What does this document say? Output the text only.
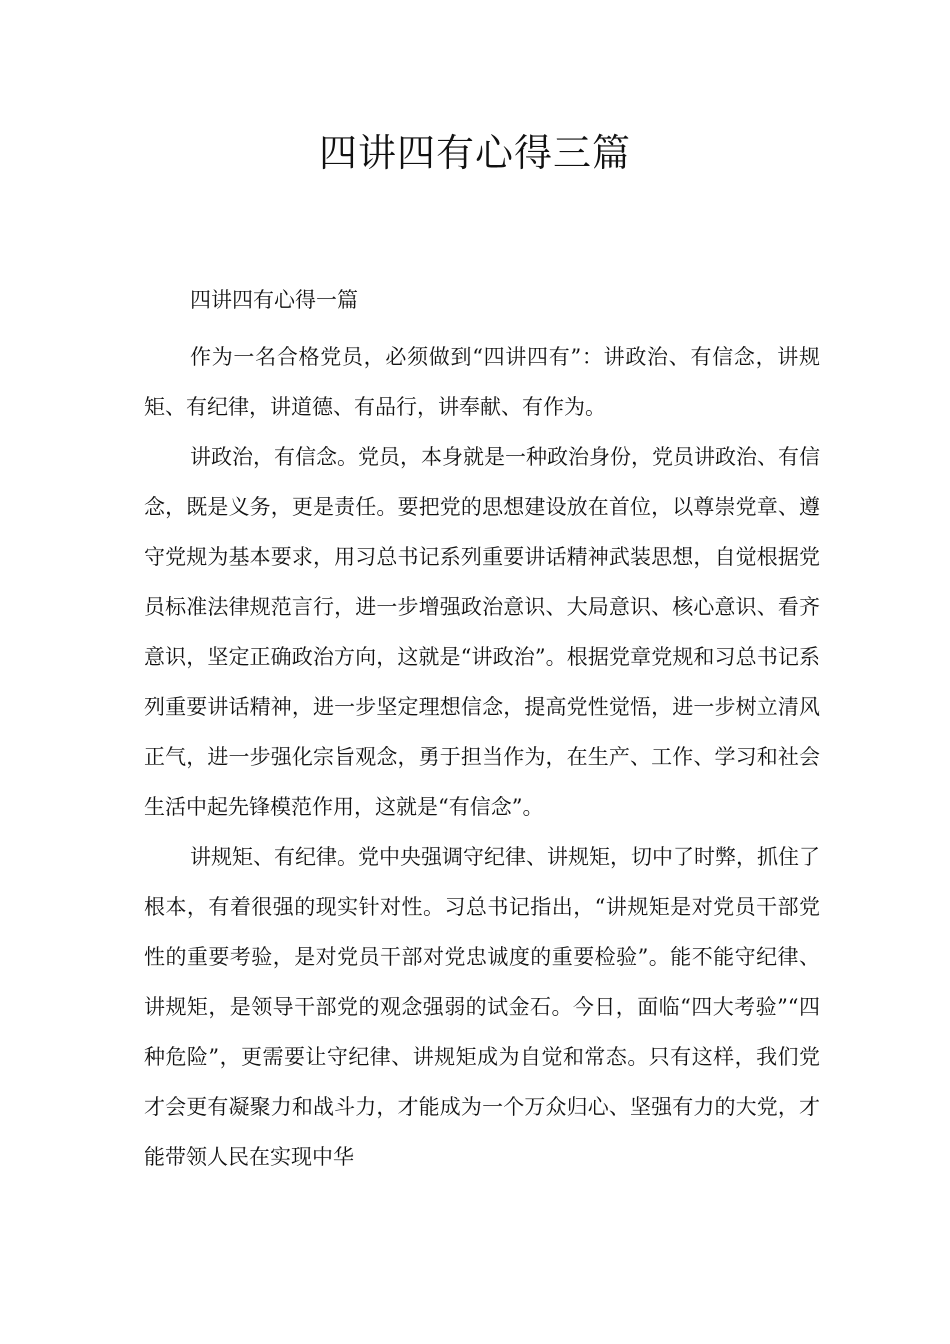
四讲四有心得三篇
四讲四有心得一篇

作为一名合格党员，必须做到“四讲四有”：讲政治、有信念，讲规矩、有纪律，讲道德、有品行，讲奉献、有作为。

讲政治，有信念。党员，本身就是一种政治身份，党员讲政治、有信念，既是义务，更是责任。要把党的思想建设放在首位，以尊崇党章、遵守党规为基本要求，用习总书记系列重要讲话精神武装思想，自觉根据党员标准法律规范言行，进一步增强政治意识、大局意识、核心意识、看齐意识，坚定正确政治方向，这就是“讲政治”。根据党章党规和习总书记系列重要讲话精神，进一步坚定理想信念，提高党性觉悟，进一步树立清风正气，进一步强化宗旨观念，勇于担当作为，在生产、工作、学习和社会生活中起先锋模范作用，这就是“有信念”。

讲规矩、有纪律。党中央强调守纪律、讲规矩，切中了时弊，抓住了根本，有着很强的现实针对性。习总书记指出，“讲规矩是对党员干部党性的重要考验，是对党员干部对党忠诚度的重要检验”。能不能守纪律、讲规矩，是领导干部党的观念强弱的试金石。今日，面临“四大考验”“四种危险”，更需要让守纪律、讲规矩成为自觉和常态。只有这样，我们党才会更有凝聚力和战斗力，才能成为一个万众归心、坚强有力的大党，才能带领人民在实现中华
